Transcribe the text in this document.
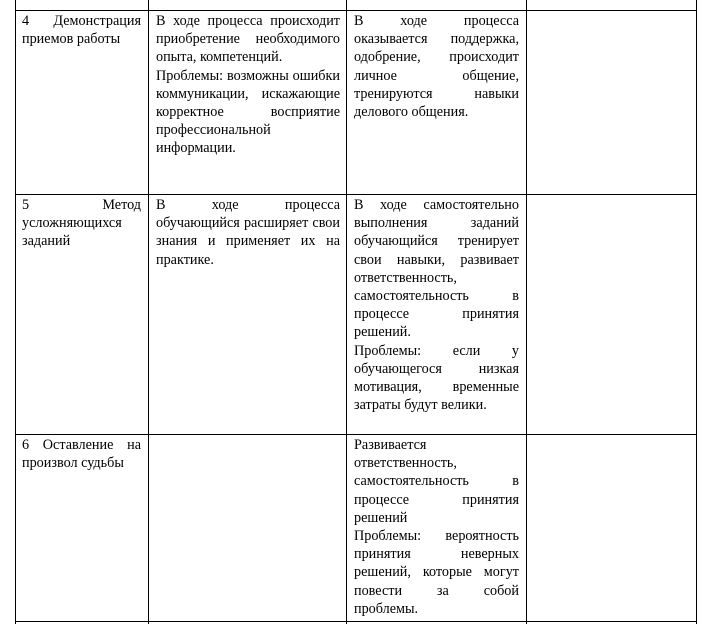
4 Демонстрация приемов работы

В ходе процесса происходит приобретение необходимого опыта, компетенций.

Проблемы: возможны ошибки коммуникации, искажающие корректное восприятие профессиональной информации.

В ходе процесса оказывается поддержка, одобрение, происходит личное общение, тренируются навыки делового общения.

5 Метод усложняющихся заданий

В ходе процесса обучающийся расширяет свои знания и применяет их на практике.

В ходе самостоятельно выполнения заданий обучающийся тренирует свои навыки, развивает ответственность, самостоятельность в процессе принятия решений.

Проблемы: если у обучающегося низкая мотивация, временные затраты будут велики.

6 Оставление на произвол судьбы

Развивается ответственность, самостоятельность в процессе принятия решений

Проблемы: вероятность принятия неверных решений, которые могут повести за собой проблемы.
